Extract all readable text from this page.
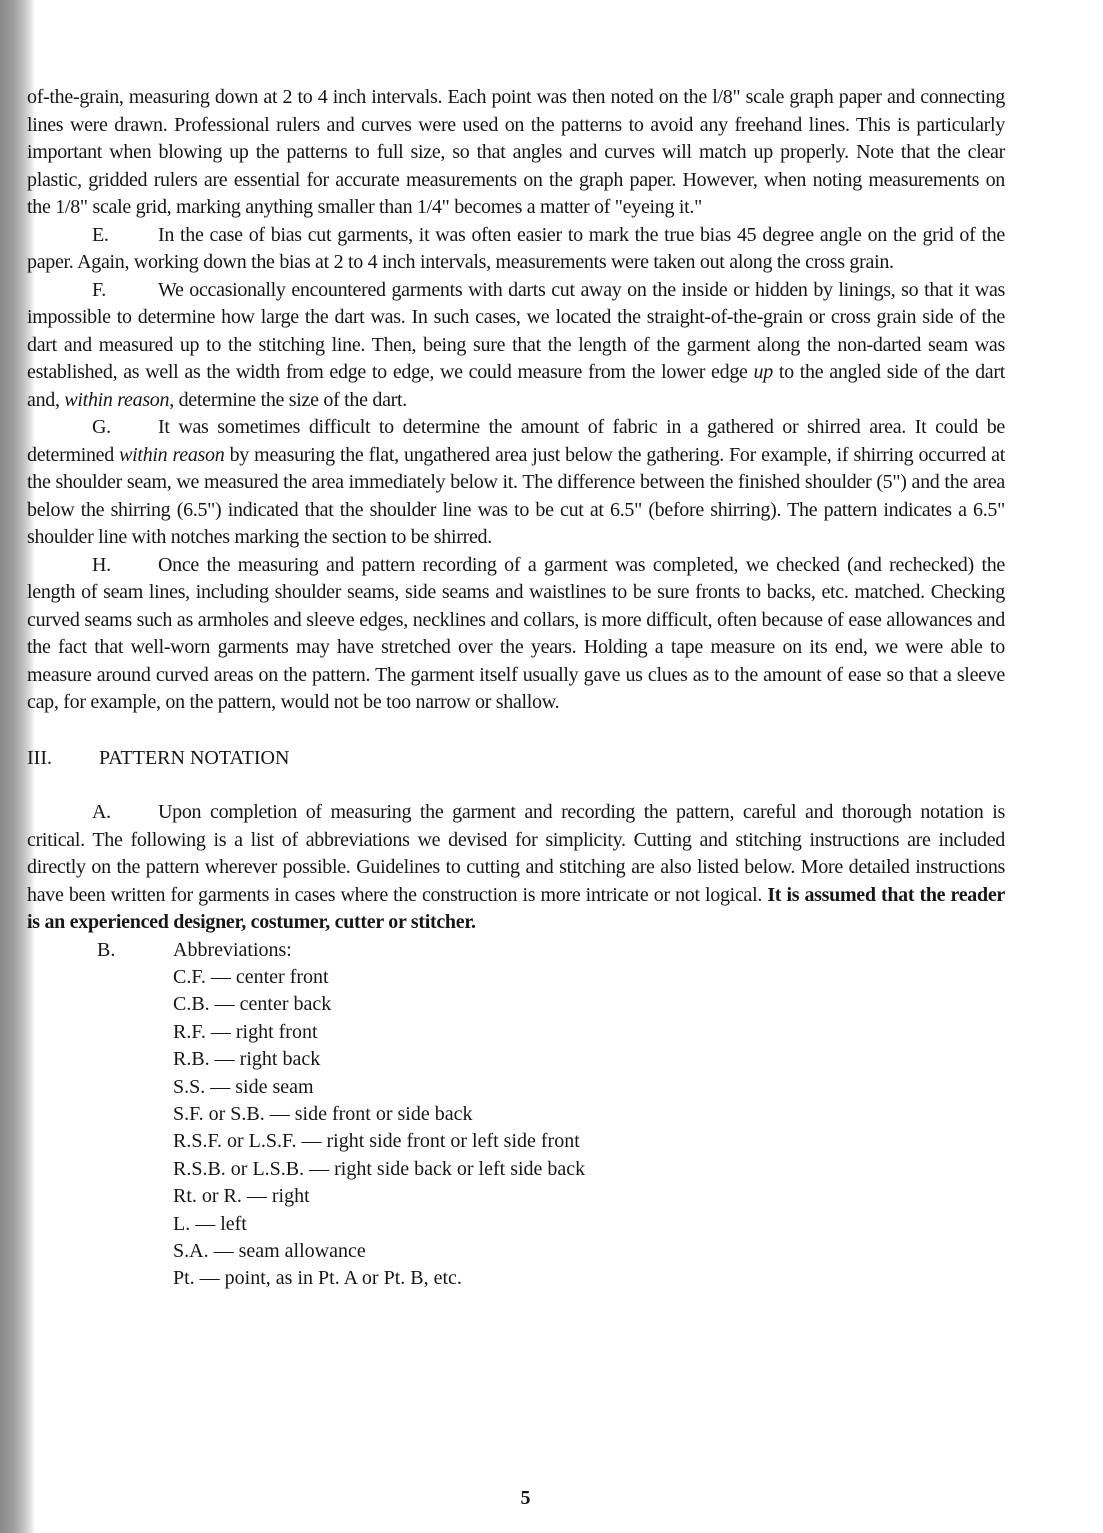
of-the-grain, measuring down at 2 to 4 inch intervals. Each point was then noted on the l/8" scale graph paper and connecting lines were drawn. Professional rulers and curves were used on the patterns to avoid any freehand lines. This is particularly important when blowing up the patterns to full size, so that angles and curves will match up properly. Note that the clear plastic, gridded rulers are essential for accurate measurements on the graph paper. However, when noting measurements on the 1/8" scale grid, marking anything smaller than 1/4" becomes a matter of "eyeing it."

E. In the case of bias cut garments, it was often easier to mark the true bias 45 degree angle on the grid of the paper. Again, working down the bias at 2 to 4 inch intervals, measurements were taken out along the cross grain.

F.	We occasionally encountered garments with darts cut away on the inside or hidden by linings, so that it was impossible to determine how large the dart was. In such cases, we located the straight-of-the-grain or cross grain side of the dart and measured up to the stitching line. Then, being sure that the length of the garment along the non-darted seam was established, as well as the width from edge to edge, we could measure from the lower edge up to the angled side of the dart and, within reason, determine the size of the dart.

G. It was sometimes difficult to determine the amount of fabric in a gathered or shirred area. It could be determined within reason by measuring the flat, ungathered area just below the gathering. For example, if shirring occurred at the shoulder seam, we measured the area immediately below it. The difference between the finished shoulder (5") and the area below the shirring (6.5") indicated that the shoulder line was to be cut at 6.5" (before shirring). The pattern indicates a 6.5" shoulder line with notches marking the section to be shirred.

H. Once the measuring and pattern recording of a garment was completed, we checked (and rechecked) the length of seam lines, including shoulder seams, side seams and waistlines to be sure fronts to backs, etc. matched. Checking curved seams such as armholes and sleeve edges, necklines and collars, is more difficult, often because of ease allowances and the fact that well-worn garments may have stretched over the years. Holding a tape measure on its end, we were able to measure around curved areas on the pattern. The garment itself usually gave us clues as to the amount of ease so that a sleeve cap, for example, on the pattern, would not be too narrow or shallow.

III. PATTERN NOTATION

A. Upon completion of measuring the garment and recording the pattern, careful and thorough notation is critical. The following is a list of abbreviations we devised for simplicity. Cutting and stitching instructions are included directly on the pattern wherever possible. Guidelines to cutting and stitching are also listed below. More detailed instructions have been written for garments in cases where the construction is more intricate or not logical. It is assumed that the reader is an experienced designer, costumer, cutter or stitcher.

B.	Abbreviations:
C.F. — center front
C.B. — center back
R.F. — right front
R.B. — right back
S.S. — side seam
S.F. or S.B. — side front or side back
R.S.F. or L.S.F. — right side front or left side front
R.S.B. or L.S.B. — right side back or left side back
Rt. or R. — right
L. — left
S.A. — seam allowance
Pt. — point, as in Pt. A or Pt. B, etc.
5
